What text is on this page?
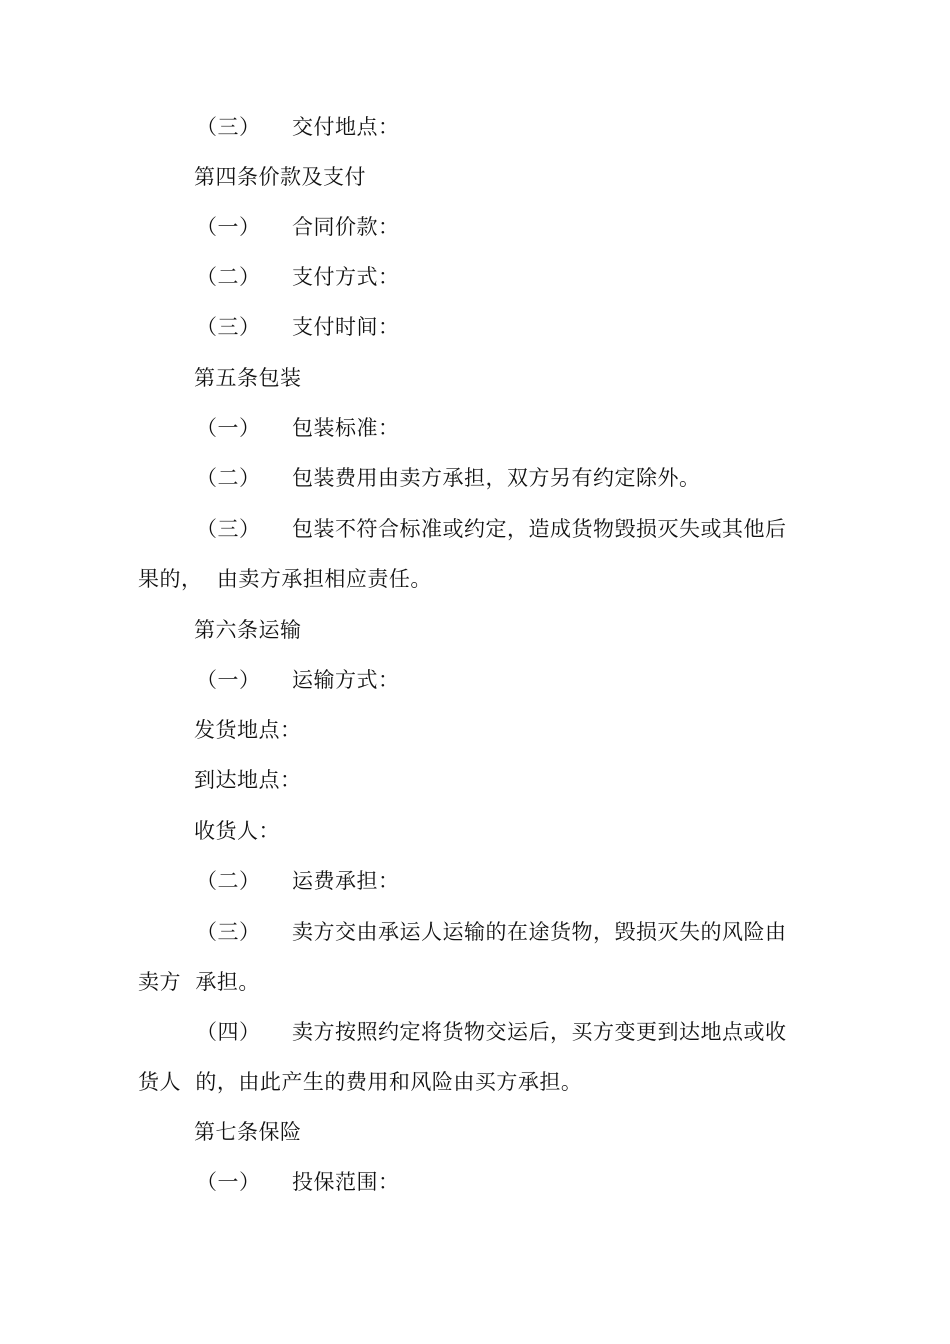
（三） 交付地点：
第四条价款及支付
（一） 合同价款：
（二） 支付方式：
（三） 支付时间：
第五条包装
（一） 包装标准：
（二） 包装费用由卖方承担，双方另有约定除外。
（三） 包装不符合标准或约定，造成货物毁损灭失或其他后
果的，  由卖方承担相应责任。
第六条运输
（一） 运输方式：
发货地点：
到达地点：
收货人：
（二） 运费承担：
（三） 卖方交由承运人运输的在途货物，毁损灭失的风险由
卖方  承担。
（四） 卖方按照约定将货物交运后，买方变更到达地点或收
货人  的，由此产生的费用和风险由买方承担。
第七条保险
（一） 投保范围：
